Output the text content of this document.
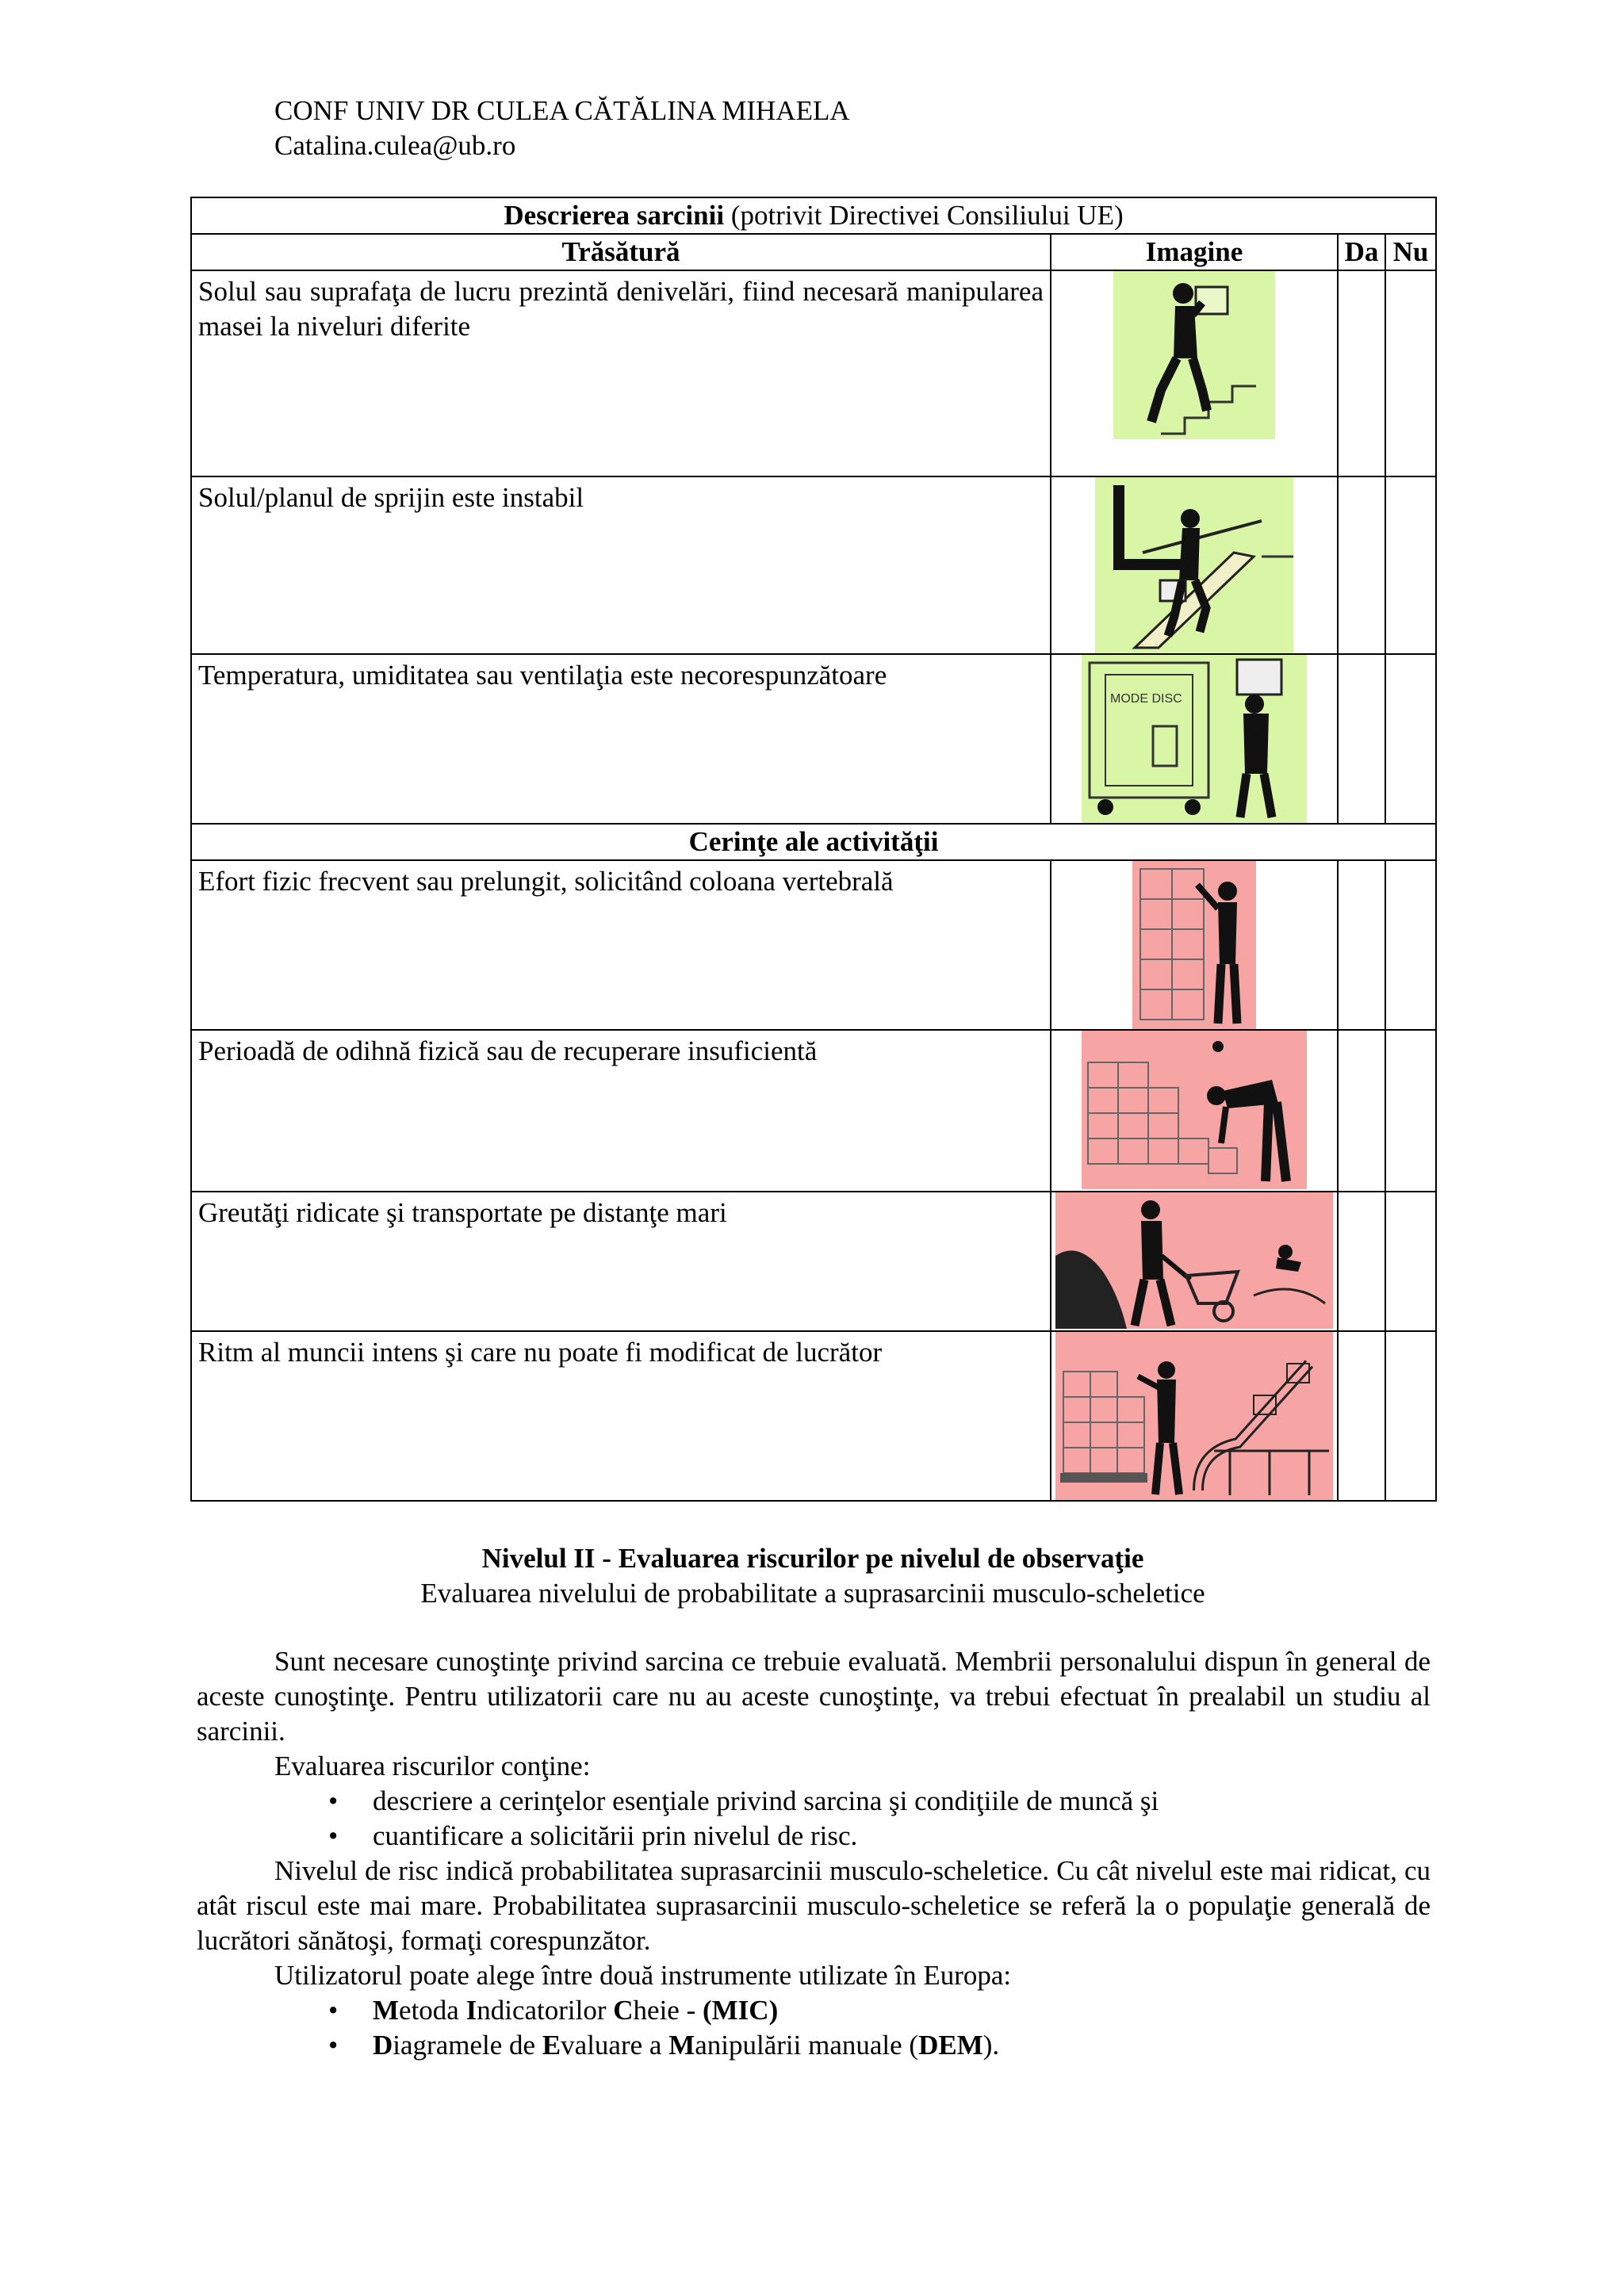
CONF UNIV DR CULEA CĂTĂLINA MIHAELA
Catalina.culea@ub.ro
Descrierea sarcinii (potrivit Directivei Consiliului UE)			
Trăsătură	Imagine	Da	Nu
Solul sau suprafaţa de lucru prezintă denivelări, fiind necesară manipularea masei la niveluri diferite	

Solul/planul de sprijin este instabil	

Temperatura, umiditatea sau ventilaţia este necorespunzătoare	MODE DISC		

Cerinţe ale activităţii			
Efort fizic frecvent sau prelungit, solicitând coloana vertebrală	

Perioadă de odihnă fizică sau de recuperare insuficientă	

Greutăţi ridicate şi transportate pe distanţe mari	

Ritm al muncii intens şi care nu poate fi modificat de lucrător	

Nivelul II - Evaluarea riscurilor pe nivelul de observaţie
Evaluarea nivelului de probabilitate a suprasarcinii musculo-scheletice

Sunt necesare cunoştinţe privind sarcina ce trebuie evaluată. Membrii personalului dispun în general de aceste cunoştinţe. Pentru utilizatorii care nu au aceste cunoştinţe, va trebui efectuat în prealabil un studiu al sarcinii.

Evaluarea riscurilor conţine:

• descriere a cerinţelor esenţiale privind sarcina şi condiţiile de muncă şi
• cuantificare a solicitării prin nivelul de risc.

Nivelul de risc indică probabilitatea suprasarcinii musculo-scheletice. Cu cât nivelul este mai ridicat, cu atât riscul este mai mare. Probabilitatea suprasarcinii musculo-scheletice se referă la o populaţie generală de lucrători sănătoşi, formaţi corespunzător.

Utilizatorul poate alege între două instrumente utilizate în Europa:

• Metoda Indicatorilor Cheie - (MIC)
• Diagramele de Evaluare a Manipulării manuale (DEM).
